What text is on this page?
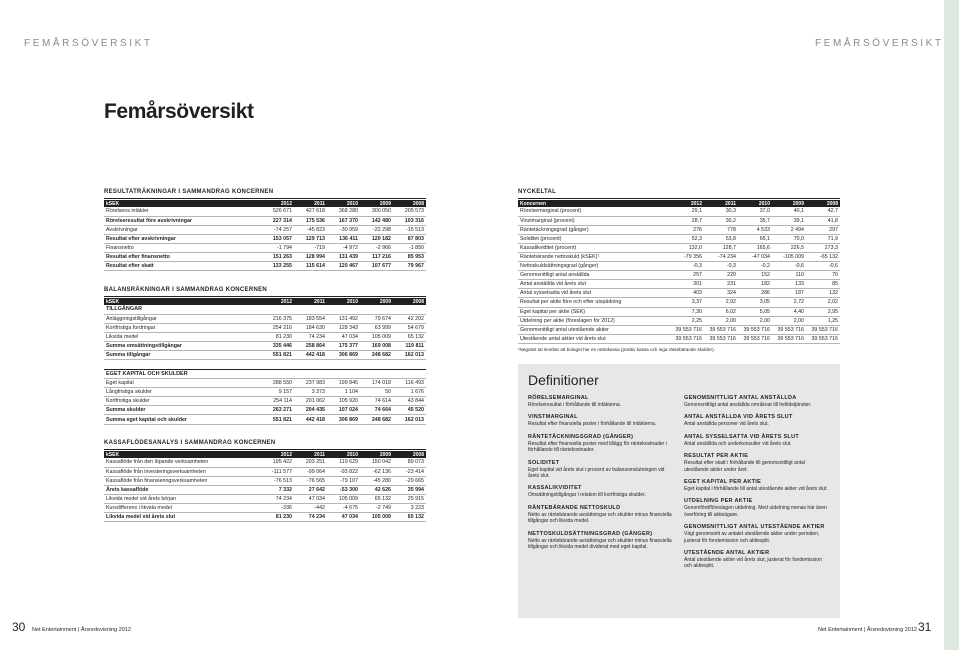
FEMÅRSÖVERSIKT	FEMÅRSÖVERSIKT
Femårsöversikt
RESULTATRÄKNINGAR I SAMMANDRAG KONCERNEN
kSEK	2012	2011	2010	2009	2008
Rörelsens intäkter	526 671	427 618	368 280	300 050	205 573
Rörelseresultat före avskrivningar	227 314	175 536	167 370	142 480	103 316
Avskrivningar	-74 257	-45 823	-30 959	-22 298	-15 513
Resultat efter avskrivningar	153 057	129 713	136 411	120 182	87 803
Finansnetto	-1 794	-719	-4 972	-2 966	-1 850
Resultat efter finansnetto	151 263	128 994	131 439	117 216	85 953
Resultat efter skatt	133 255	115 614	120 467	107 677	79 967
BALANSRÄKNINGAR I SAMMANDRAG KONCERNEN
kSEK	2012	2011	2010	2009	2008
TILLGÅNGAR					
Anläggningstillgångar	216 375	183 554	131 492	79 674	42 202
Kortfristiga fordringar	254 216	184 630	128 343	63 999	54 679
Likvida medel	81 230	74 234	47 034	105 009	65 132
Summa omsättningstillgångar	335 446	258 864	175 377	169 008	119 811
Summa tillgångar	551 821	442 418	306 869	248 682	162 013
EGET KAPITAL OCH SKULDER					
Eget kapital	288 550	237 983	199 845	174 018	116 493
Långfristiga skulder	9 157	3 373	1 104	50	1 676
Kortfristiga skulder	254 114	201 062	105 920	74 614	43 844
Summa skulder	263 271	204 435	107 024	74 664	45 520
Summa eget kapital och skulder	551 821	442 418	306 869	248 682	162 013
KASSAFLÖDESANALYS I SAMMANDRAG KONCERNEN
kSEK	2012	2011	2010	2009	2008
Kassaflöde från den löpande verksamheten	195 422	203 251	119 629	150 042	89 073
Kassaflöde från investeringsverksamheten	-111 577	-99 064	-93 822	-62 136	-23 414
Kassaflöde från finansieringsverksamheten	-76 513	-76 565	-79 107	-45 280	-29 665
Årets kassaflöde	7 332	27 642	-53 300	42 626	35 994
Likvida medel vid årets början	74 234	47 034	105 009	65 132	25 915
Kursdifferens i likvida medel	-336	-442	-4 675	-2 749	3 223
Likvida medel vid årets slut	81 230	74 234	47 034	105 009	65 132
NYCKELTAL
Koncernen	2012	2011	2010	2009	2008
Rörelsemarginal (procent)	29,1	30,3	37,0	40,1	42,7
Vinstmarginal (procent)	28,7	30,2	35,7	39,1	41,8
Räntetäckningsgrad (gånger)	276	778	4 533	2 494	297
Soliditet (procent)	52,3	53,8	65,1	70,0	71,9
Kassalikviditet (procent)	132,0	128,7	165,6	226,5	273,3
Räntebärande nettoskuld (kSEK)¹	-79 356	-74 234	-47 034	-105 009	-65 132
Nettoskuldsättningsgrad (gånger)	-0,3	-0,3	-0,2	-0,6	-0,6
Genomsnittligt antal anställda	257	220	152	110	70
Antal anställda vid årets slut	301	231	182	133	85
Antal sysselsatta vid årets slut	403	324	286	187	132
Resultat per aktie före och efter utspädning	3,37	2,92	3,05	2,72	2,02
Eget kapital per aktie (SEK)	7,30	6,02	5,05	4,40	2,95
Utdelning per aktie (föreslagen för 2012)	2,25	2,00	2,00	2,00	1,25
Genomsnittligt antal utestående aktier	39 553 716	39 553 716	39 553 716	39 553 716	39 553 716
Utestående antal aktier vid årets slut	39 553 716	39 553 716	39 553 716	39 553 716	39 553 716
¹Negativt tal innebär att bolaget har en nettokassa (positiv kassa och inga räntebärande skulder).
Definitioner
RÖRELSEMARGINAL
Rörelseresultat i förhållande till intäkterna.
VINSTMARGINAL
Resultat efter finansiella poster i förhållande till intäkterna.
RÄNTETÄCKNINGSGRAD (GÅNGER)
Resultat efter finansiella poster med tillägg för räntekostnader i förhållande till räntekostnader.
SOLIDITET
Eget kapital vid årets slut i procent av balansomslutningen vid årets slut.
KASSALIKVIDITET
Omsättningstillgångar i relation till kortfristiga skulder.
RÄNTEBÄRANDE NETTOSKULD
Netto av räntebärande avsättningar och skulder minus finansiella tillgångar och likvida medel.
NETTOSKULDSÄTTNINGSGRAD (GÅNGER)
Netto av räntebärande avsättningar och skulder minus finansiella tillgångar och likvida medel dividerat med eget kapital.
GENOMSNITTLIGT ANTAL ANSTÄLLDA
Genomsnittligt antal anställda omräknat till heltidstjänster.
ANTAL ANSTÄLLDA VID ÅRETS SLUT
Antal anställda personer vid årets slut.
ANTAL SYSSELSATTA VID ÅRETS SLUT
Antal anställda och underkonsulter vid årets slut.
RESULTAT PER AKTIE
Resultat efter skatt i förhållande till genomsnittligt antal utestående aktier under året.
EGET KAPITAL PER AKTIE
Eget kapital i förhållande till antal utestående aktier vid årets slut.
UTDELNING PER AKTIE
Genomförd/föreslagen utdelning. Med utdelning menas här även överföring till aktieägare.
GENOMSNITTLIGT ANTAL UTESTÅENDE AKTIER
Vägt genomsnitt av antalet utestående aktier under perioden, justerat för fondemission och aktiesplit.
UTESTÅENDE ANTAL AKTIER
Antal utestående aktier vid årets slut, justerat för fondemission och aktiesplit.
30 Net Entertainment | Årsredovisning 2012	Net Entertainment | Årsredovisning 2012 31
